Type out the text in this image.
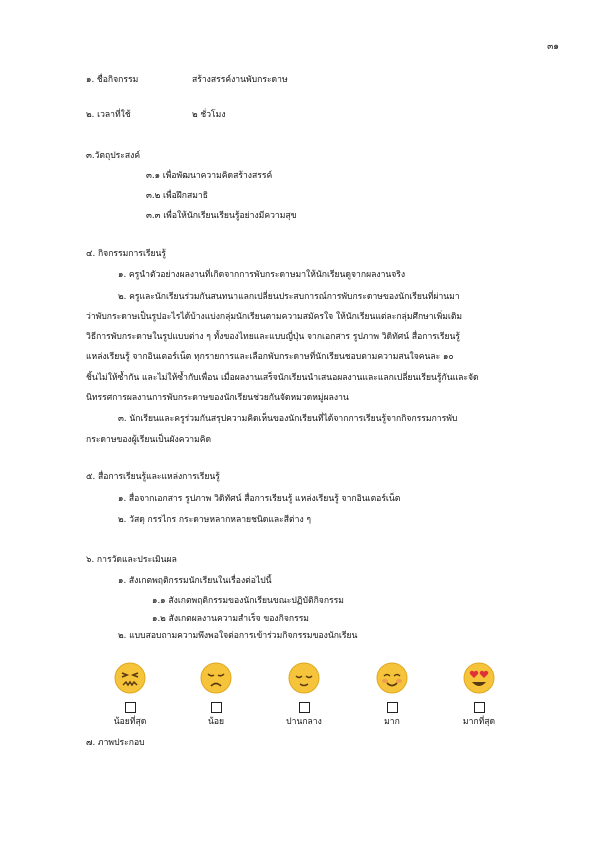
๓๑
๑. ชื่อกิจกรรม	สร้างสรรค์งานพับกระดาษ
๒. เวลาที่ใช้	๒ ชั่วโมง
๓.วัตถุประสงค์
๓.๑ เพื่อพัฒนาความคิดสร้างสรรค์
๓.๒ เพื่อฝึกสมาธิ
๓.๓ เพื่อให้นักเรียนเรียนรู้อย่างมีความสุข
๔. กิจกรรมการเรียนรู้
๑. ครูนำตัวอย่างผลงานที่เกิดจากการพับกระดาษมาให้นักเรียนดูจากผลงานจริง
๒. ครูและนักเรียนร่วมกันสนทนาแลกเปลี่ยนประสบการณ์การพับกระดาษของนักเรียนที่ผ่านมา
ว่าพับกระดาษเป็นรูปอะไรได้บ้างแบ่งกลุ่มนักเรียนตามความสมัครใจ ให้นักเรียนแต่ละกลุ่มศึกษาเพิ่มเติม
วิธีการพับกระดาษในรูปแบบต่าง ๆ ทั้งของไทยและแบบญี่ปุ่น จากเอกสาร รูปภาพ วิดิทัศน์ สื่อการเรียนรู้
แหล่งเรียนรู้ จากอินเตอร์เน็ต ทุกรายการและเลือกพับกระดาษที่นักเรียนชอบตามความสนใจคนละ ๑๐
ชิ้นไม่ให้ซ้ำกัน และไม่ให้ซ้ำกับเพื่อน เมื่อผลงานเสร็จนักเรียนนำเสนอผลงานและแลกเปลี่ยนเรียนรู้กันและจัด
นิทรรศการผลงานการพับกระดาษของนักเรียนช่วยกันจัดหมวดหมู่ผลงาน
๓. นักเรียนและครูร่วมกันสรุปความคิดเห็นของนักเรียนที่ได้จากการเรียนรู้จากกิจกรรมการพับ
กระดาษของผู้เรียนเป็นผังความคิด
๕. สื่อการเรียนรู้และแหล่งการเรียนรู้
๑. สื่อจากเอกสาร รูปภาพ วิดิทัศน์ สื่อการเรียนรู้ แหล่งเรียนรู้ จากอินเตอร์เน็ต
๒. วัสดุ กรรไกร กระดาษหลากหลายชนิดและสีต่าง ๆ
๖. การวัดและประเมินผล
๑. สังเกตพฤติกรรมนักเรียนในเรื่องต่อไปนี้
๑.๑ สังเกตพฤติกรรมของนักเรียนขณะปฏิบัติกิจกรรม
๑.๒ สังเกตผลงานความสำเร็จ ของกิจกรรม
๒. แบบสอบถามความพึงพอใจต่อการเข้าร่วมกิจกรรมของนักเรียน
น้อยที่สุด	น้อย	ปานกลาง	มาก	มากที่สุด
๗. ภาพประกอบ
